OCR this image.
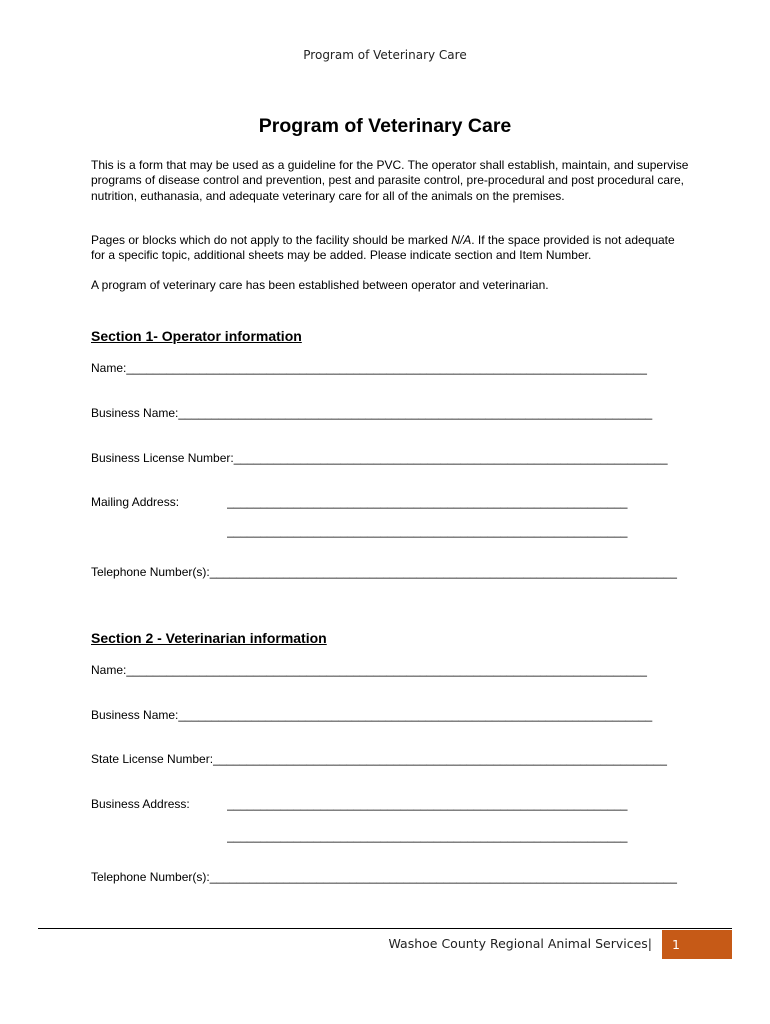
Program of Veterinary Care
Program of Veterinary Care
This is a form that may be used as a guideline for the PVC. The operator shall establish, maintain, and supervise programs of disease control and prevention, pest and parasite control, pre-procedural and post procedural care, nutrition, euthanasia, and adequate veterinary care for all of the animals on the premises.
Pages or blocks which do not apply to the facility should be marked N/A. If the space provided is not adequate for a specific topic, additional sheets may be added. Please indicate section and Item Number.
A program of veterinary care has been established between operator and veterinarian.
Section 1- Operator information
Name:______________________________________________________________________________
Business Name:_______________________________________________________________________
Business License Number:_________________________________________________________________
Mailing Address:	____________________________________________________________
____________________________________________________________
Telephone Number(s):______________________________________________________________________
Section 2 - Veterinarian information
Name:______________________________________________________________________________
Business Name:_______________________________________________________________________
State License Number:____________________________________________________________________
Business Address:	____________________________________________________________
____________________________________________________________
Telephone Number(s):______________________________________________________________________
Washoe County Regional Animal Services|	1
